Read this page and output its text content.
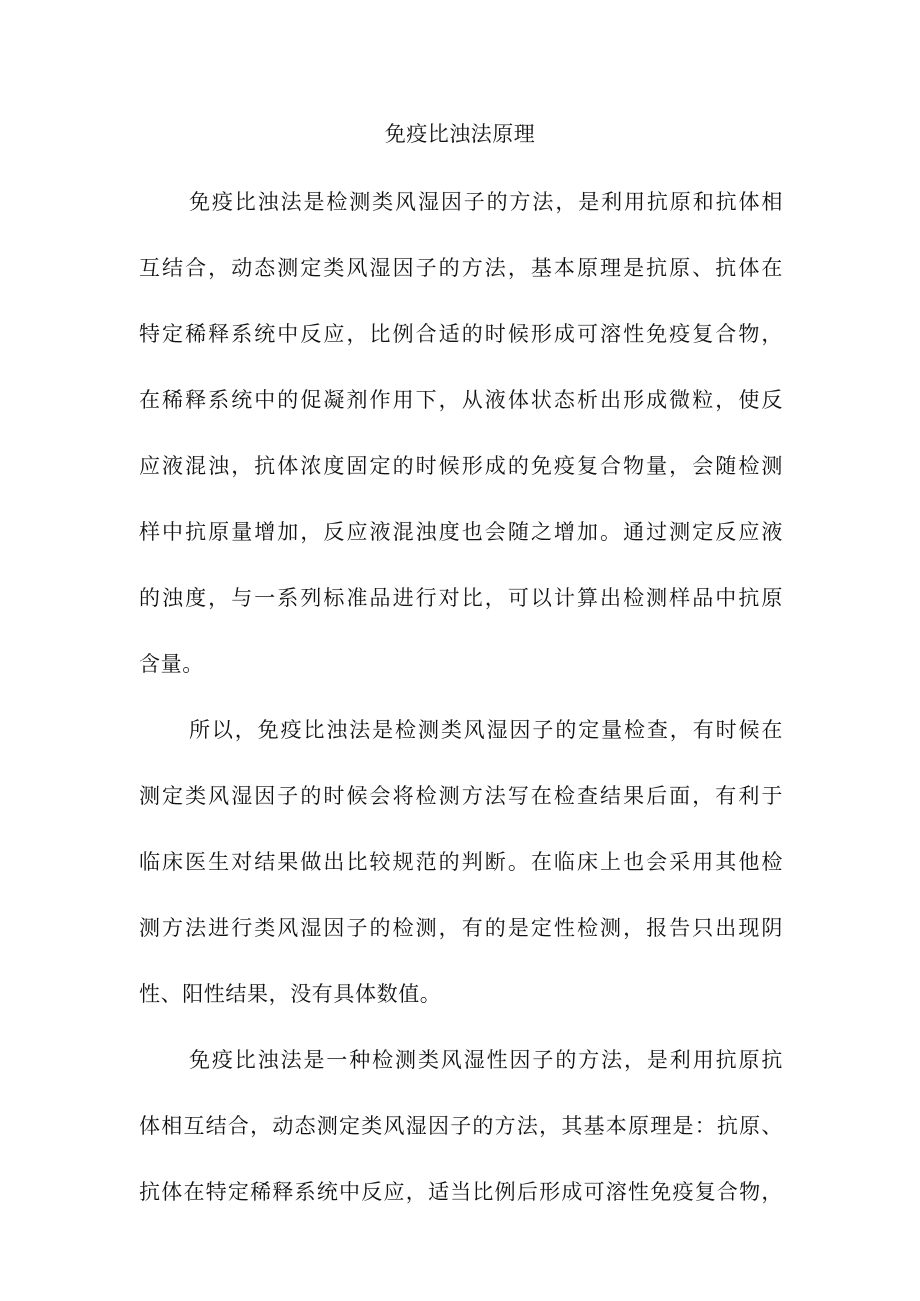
免疫比浊法原理
免疫比浊法是检测类风湿因子的方法，是利用抗原和抗体相
互结合，动态测定类风湿因子的方法，基本原理是抗原、抗体在
特定稀释系统中反应，比例合适的时候形成可溶性免疫复合物，
在稀释系统中的促凝剂作用下，从液体状态析出形成微粒，使反
应液混浊，抗体浓度固定的时候形成的免疫复合物量，会随检测
样中抗原量增加，反应液混浊度也会随之增加。通过测定反应液
的浊度，与一系列标准品进行对比，可以计算出检测样品中抗原
含量。
所以，免疫比浊法是检测类风湿因子的定量检查，有时候在
测定类风湿因子的时候会将检测方法写在检查结果后面，有利于
临床医生对结果做出比较规范的判断。在临床上也会采用其他检
测方法进行类风湿因子的检测，有的是定性检测，报告只出现阴
性、阳性结果，没有具体数值。
免疫比浊法是一种检测类风湿性因子的方法，是利用抗原抗
体相互结合，动态测定类风湿因子的方法，其基本原理是：抗原、
抗体在特定稀释系统中反应，适当比例后形成可溶性免疫复合物，
